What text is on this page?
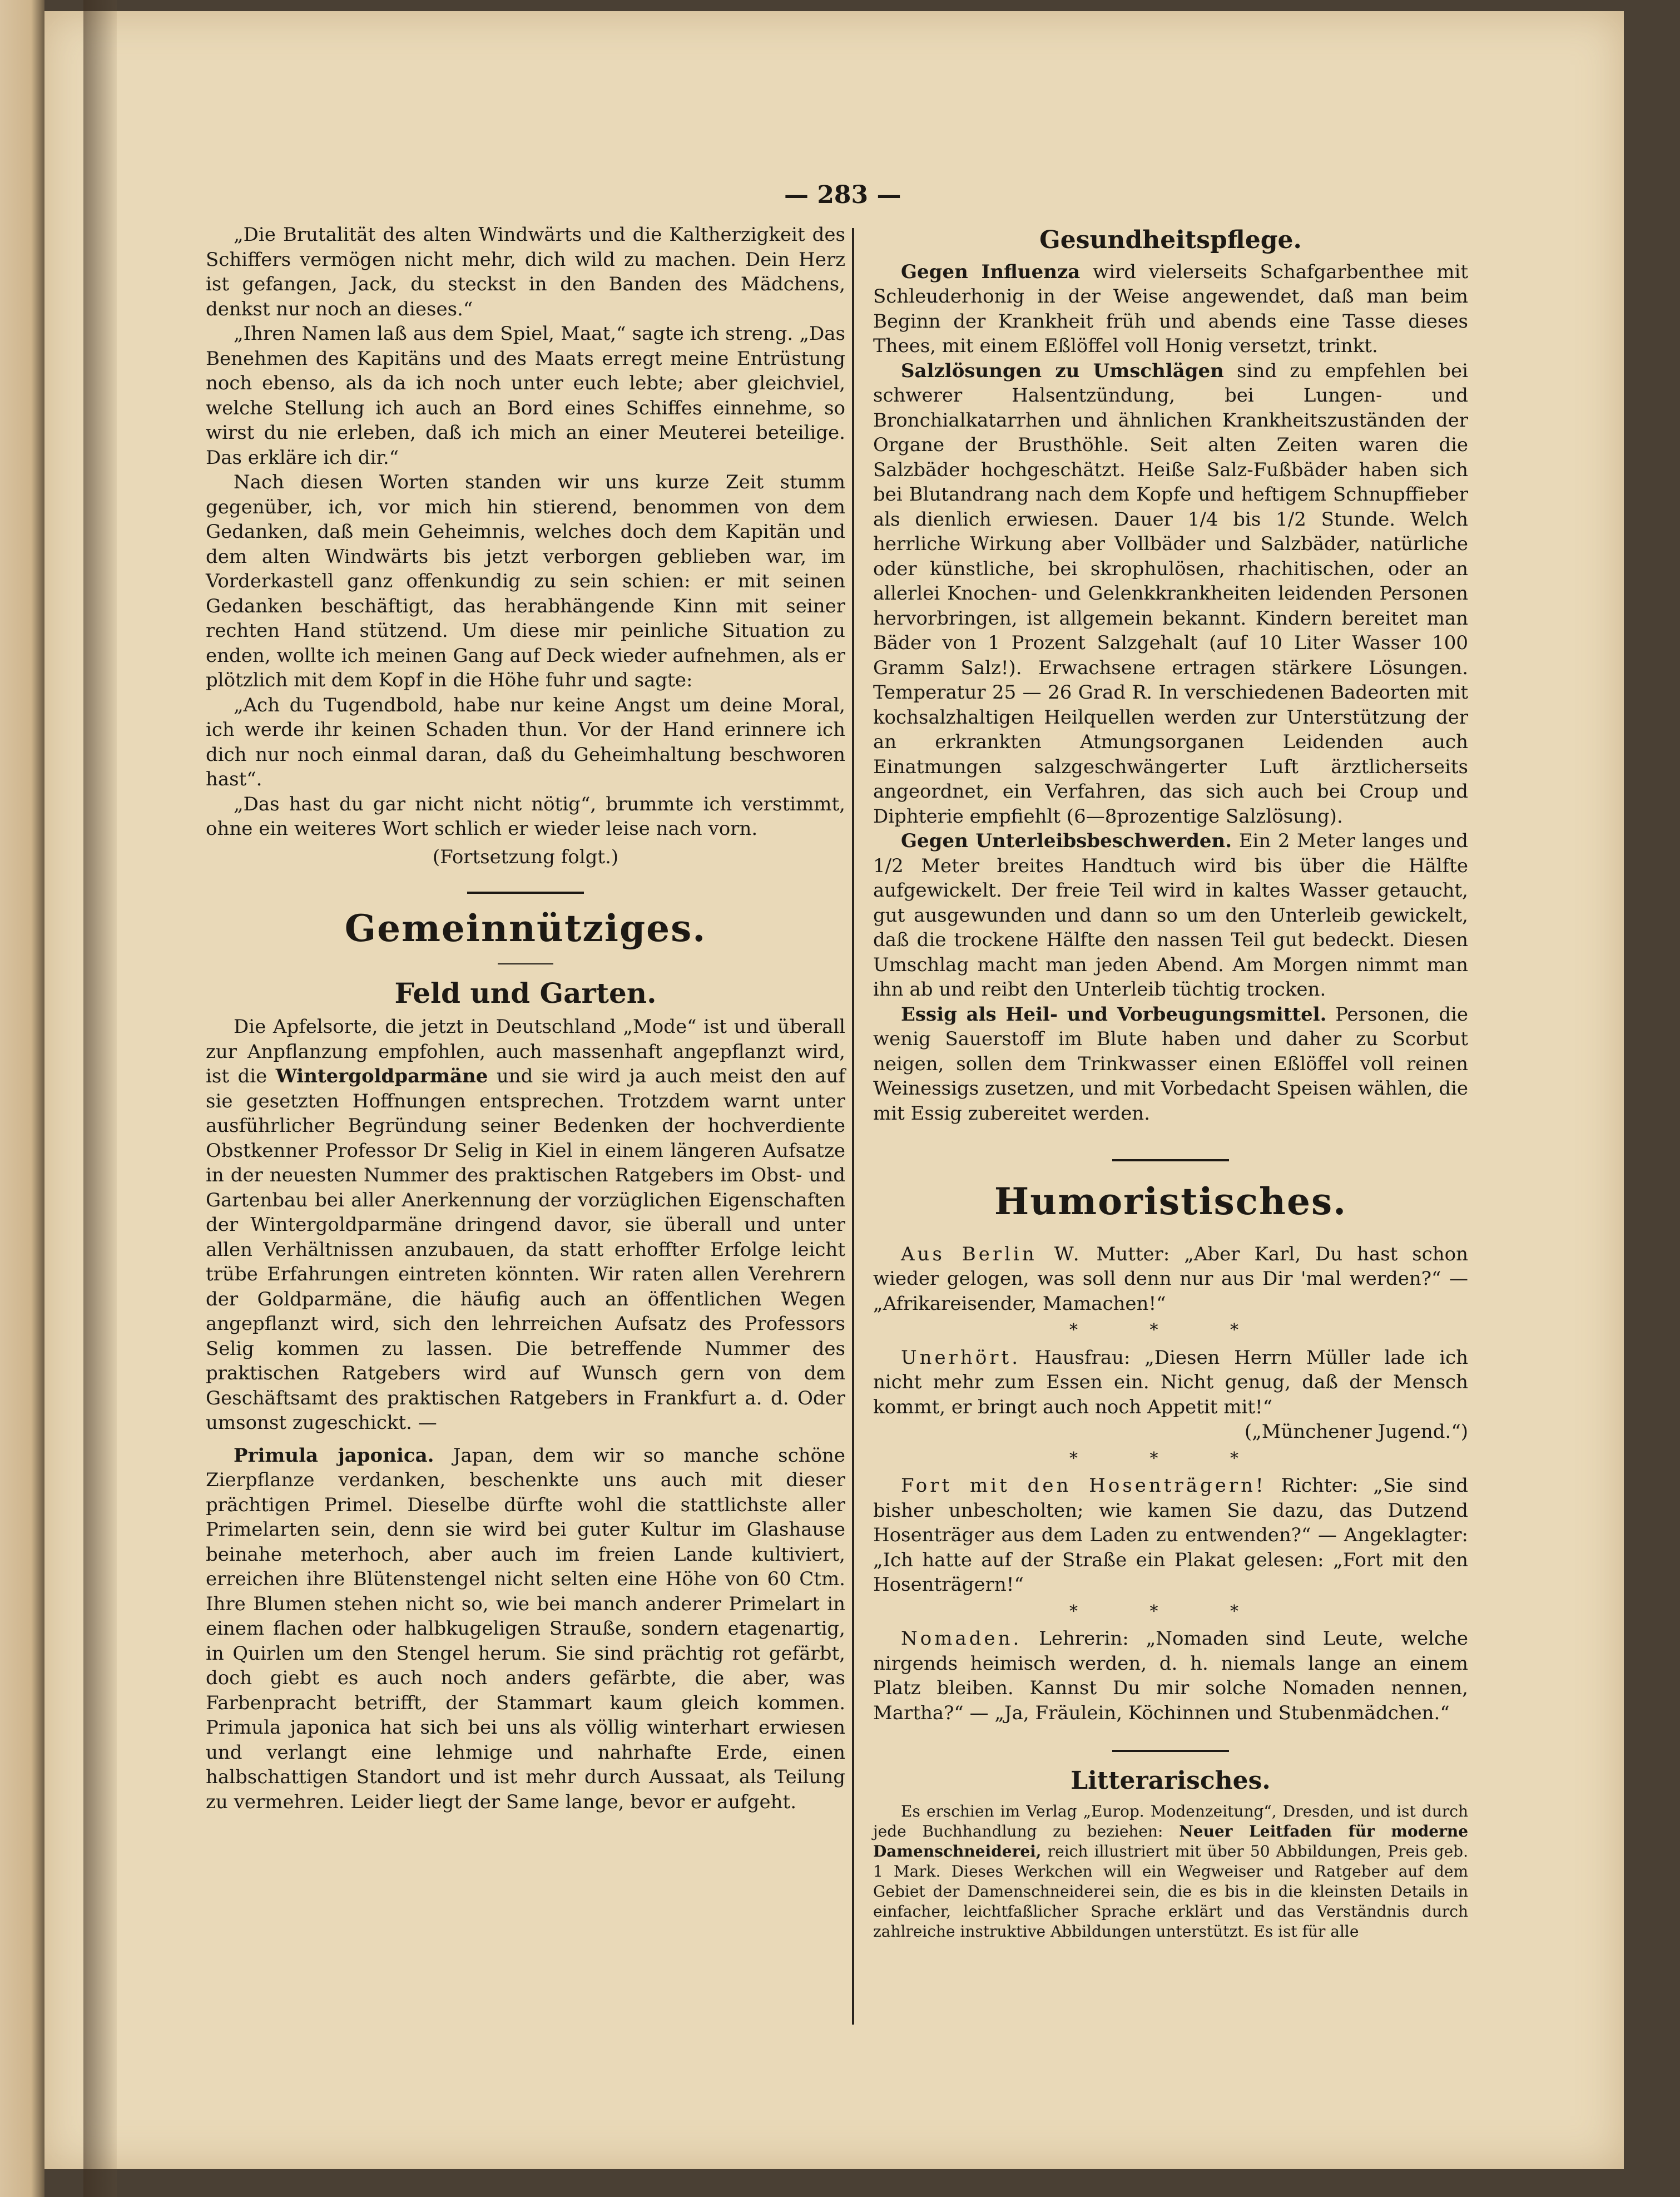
— 283 —

„Die Brutalität des alten Windwärts und die Kaltherzigkeit des Schiffers vermögen nicht mehr, dich wild zu machen. Dein Herz ist gefangen, Jack, du steckst in den Banden des Mädchens, denkst nur noch an dieses.“

„Ihren Namen laß aus dem Spiel, Maat,“ sagte ich streng. „Das Benehmen des Kapitäns und des Maats erregt meine Entrüstung noch ebenso, als da ich noch unter euch lebte; aber gleichviel, welche Stellung ich auch an Bord eines Schiffes einnehme, so wirst du nie erleben, daß ich mich an einer Meuterei beteilige. Das erkläre ich dir.“

Nach diesen Worten standen wir uns kurze Zeit stumm gegenüber, ich, vor mich hin stierend, benommen von dem Gedanken, daß mein Geheimnis, welches doch dem Kapitän und dem alten Windwärts bis jetzt verborgen geblieben war, im Vorderkastell ganz offenkundig zu sein schien: er mit seinen Gedanken beschäftigt, das herabhängende Kinn mit seiner rechten Hand stützend. Um diese mir peinliche Situation zu enden, wollte ich meinen Gang auf Deck wieder aufnehmen, als er plötzlich mit dem Kopf in die Höhe fuhr und sagte:

„Ach du Tugendbold, habe nur keine Angst um deine Moral, ich werde ihr keinen Schaden thun. Vor der Hand erinnere ich dich nur noch einmal daran, daß du Geheimhaltung beschworen hast“.

„Das hast du gar nicht nicht nötig“, brummte ich verstimmt, ohne ein weiteres Wort schlich er wieder leise nach vorn.

(Fortsetzung folgt.)

Gemeinnütziges.

Feld und Garten.

Die Apfelsorte, die jetzt in Deutschland „Mode“ ist und überall zur Anpflanzung empfohlen, auch massenhaft angepflanzt wird, ist die Wintergoldparmäne und sie wird ja auch meist den auf sie gesetzten Hoffnungen entsprechen. Trotzdem warnt unter ausführlicher Begründung seiner Bedenken der hochverdiente Obstkenner Professor Dr Selig in Kiel in einem längeren Aufsatze in der neuesten Nummer des praktischen Ratgebers im Obst- und Gartenbau bei aller Anerkennung der vorzüglichen Eigenschaften der Wintergoldparmäne dringend davor, sie überall und unter allen Verhältnissen anzubauen, da statt erhoffter Erfolge leicht trübe Erfahrungen eintreten könnten. Wir raten allen Verehrern der Goldparmäne, die häufig auch an öffentlichen Wegen angepflanzt wird, sich den lehrreichen Aufsatz des Professors Selig kommen zu lassen. Die betreffende Nummer des praktischen Ratgebers wird auf Wunsch gern von dem Geschäftsamt des praktischen Ratgebers in Frankfurt a. d. Oder umsonst zugeschickt. —

Primula japonica. Japan, dem wir so manche schöne Zierpflanze verdanken, beschenkte uns auch mit dieser prächtigen Primel. Dieselbe dürfte wohl die stattlichste aller Primelarten sein, denn sie wird bei guter Kultur im Glashause beinahe meterhoch, aber auch im freien Lande kultiviert, erreichen ihre Blütenstengel nicht selten eine Höhe von 60 Ctm. Ihre Blumen stehen nicht so, wie bei manch anderer Primelart in einem flachen oder halbkugeligen Strauße, sondern etagenartig, in Quirlen um den Stengel herum. Sie sind prächtig rot gefärbt, doch giebt es auch noch anders gefärbte, die aber, was Farbenpracht betrifft, der Stammart kaum gleich kommen. Primula japonica hat sich bei uns als völlig winterhart erwiesen und verlangt eine lehmige und nahrhafte Erde, einen halbschattigen Standort und ist mehr durch Aussaat, als Teilung zu vermehren. Leider liegt der Same lange, bevor er aufgeht.

Gesundheitspflege.

Gegen Influenza wird vielerseits Schafgarbenthee mit Schleuderhonig in der Weise angewendet, daß man beim Beginn der Krankheit früh und abends eine Tasse dieses Thees, mit einem Eßlöffel voll Honig versetzt, trinkt.

Salzlösungen zu Umschlägen sind zu empfehlen bei schwerer Halsentzündung, bei Lungen- und Bronchialkatarrhen und ähnlichen Krankheitszuständen der Organe der Brusthöhle. Seit alten Zeiten waren die Salzbäder hochgeschätzt. Heiße Salz-Fußbäder haben sich bei Blutandrang nach dem Kopfe und heftigem Schnupffieber als dienlich erwiesen. Dauer 1/4 bis 1/2 Stunde. Welch herrliche Wirkung aber Vollbäder und Salzbäder, natürliche oder künstliche, bei skrophulösen, rhachitischen, oder an allerlei Knochen- und Gelenkkrankheiten leidenden Personen hervorbringen, ist allgemein bekannt. Kindern bereitet man Bäder von 1 Prozent Salzgehalt (auf 10 Liter Wasser 100 Gramm Salz!). Erwachsene ertragen stärkere Lösungen. Temperatur 25 — 26 Grad R. In verschiedenen Badeorten mit kochsalzhaltigen Heilquellen werden zur Unterstützung der an erkrankten Atmungsorganen Leidenden auch Einatmungen salzgeschwängerter Luft ärztlicherseits angeordnet, ein Verfahren, das sich auch bei Croup und Diphterie empfiehlt (6—8prozentige Salzlösung).

Gegen Unterleibsbeschwerden. Ein 2 Meter langes und 1/2 Meter breites Handtuch wird bis über die Hälfte aufgewickelt. Der freie Teil wird in kaltes Wasser getaucht, gut ausgewunden und dann so um den Unterleib gewickelt, daß die trockene Hälfte den nassen Teil gut bedeckt. Diesen Umschlag macht man jeden Abend. Am Morgen nimmt man ihn ab und reibt den Unterleib tüchtig trocken.

Essig als Heil- und Vorbeugungsmittel. Personen, die wenig Sauerstoff im Blute haben und daher zu Scorbut neigen, sollen dem Trinkwasser einen Eßlöffel voll reinen Weinessigs zusetzen, und mit Vorbedacht Speisen wählen, die mit Essig zubereitet werden.

Humoristisches.

Aus Berlin W. Mutter: „Aber Karl, Du hast schon wieder gelogen, was soll denn nur aus Dir 'mal werden?“ — „Afrikareisender, Mamachen!“

* * *

Unerhört. Hausfrau: „Diesen Herrn Müller lade ich nicht mehr zum Essen ein. Nicht genug, daß der Mensch kommt, er bringt auch noch Appetit mit!“

(„Münchener Jugend.“)

* * *

Fort mit den Hosenträgern! Richter: „Sie sind bisher unbescholten; wie kamen Sie dazu, das Dutzend Hosenträger aus dem Laden zu entwenden?“ — Angeklagter: „Ich hatte auf der Straße ein Plakat gelesen: „Fort mit den Hosenträgern!“

* * *

Nomaden. Lehrerin: „Nomaden sind Leute, welche nirgends heimisch werden, d. h. niemals lange an einem Platz bleiben. Kannst Du mir solche Nomaden nennen, Martha?“ — „Ja, Fräulein, Köchinnen und Stubenmädchen.“

Litterarisches.

Es erschien im Verlag „Europ. Modenzeitung“, Dresden, und ist durch jede Buchhandlung zu beziehen: Neuer Leitfaden für moderne Damenschneiderei, reich illustriert mit über 50 Abbildungen, Preis geb. 1 Mark. Dieses Werkchen will ein Wegweiser und Ratgeber auf dem Gebiet der Damenschneiderei sein, die es bis in die kleinsten Details in einfacher, leichtfaßlicher Sprache erklärt und das Verständnis durch zahlreiche instruktive Abbildungen unterstützt. Es ist für alle
